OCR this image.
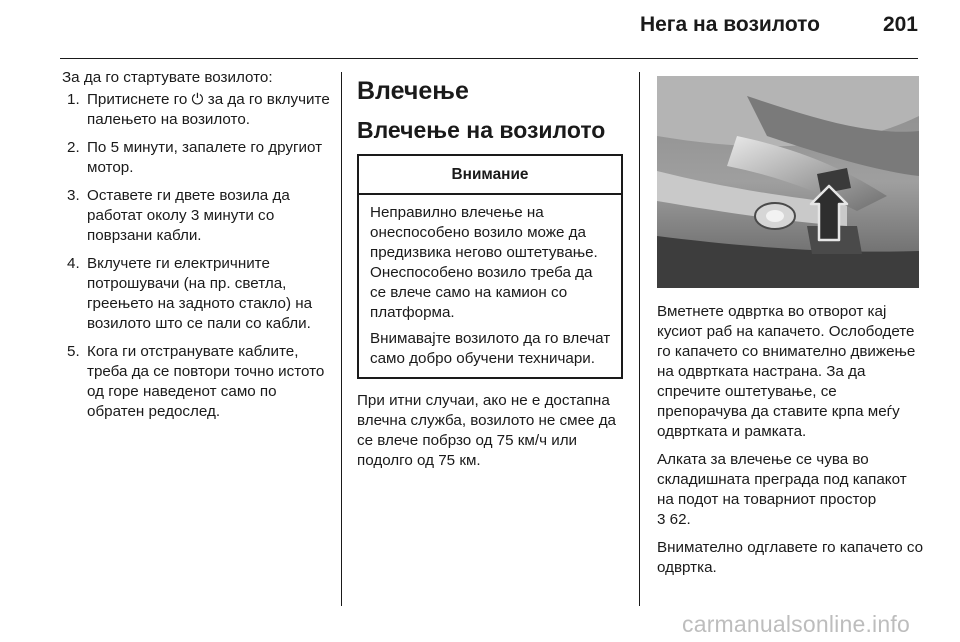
Нега на возилото	201

За да го стартувате возилото:

1. Притиснете го ⏻ за да го вклучите палењето на возилото.
2. По 5 минути, запалете го другиот мотор.
3. Оставете ги двете возила да работат околу 3 минути со поврзани кабли.
4. Вклучете ги електричните потрошувачи (на пр. светла, греењето на задното стакло) на возилото што се пали со кабли.
5. Кога ги отстранувате каблите, треба да се повтори точно истото од горе наведенот само по обратен редослед.
Влечење
Влечење на возилото
Внимание

Неправилно влечење на онеспособено возило може да предизвика негово оштетување. Онеспособено возило треба да се влече само на камион со платформа.

Внимавајте возилото да го влечат само добро обучени техничари.

При итни случаи, ако не е достапна влечна служба, возилото не смее да се влече побрзо од 75 км/ч или подолго од 75 км.

Вметнете одвртка во отворот кај кусиот раб на капачето. Ослободете го капачето со внимателно движење на одвртката настрана. За да спречите оштетување, се препорачува да ставите крпа меѓу одвртката и рамката.

Алката за влечење се чува во складишната преграда под капакот на подот на товарниот простор
3 62.

Внимателно одглавете го капачето со одвртка.

carmanualsonline.info
